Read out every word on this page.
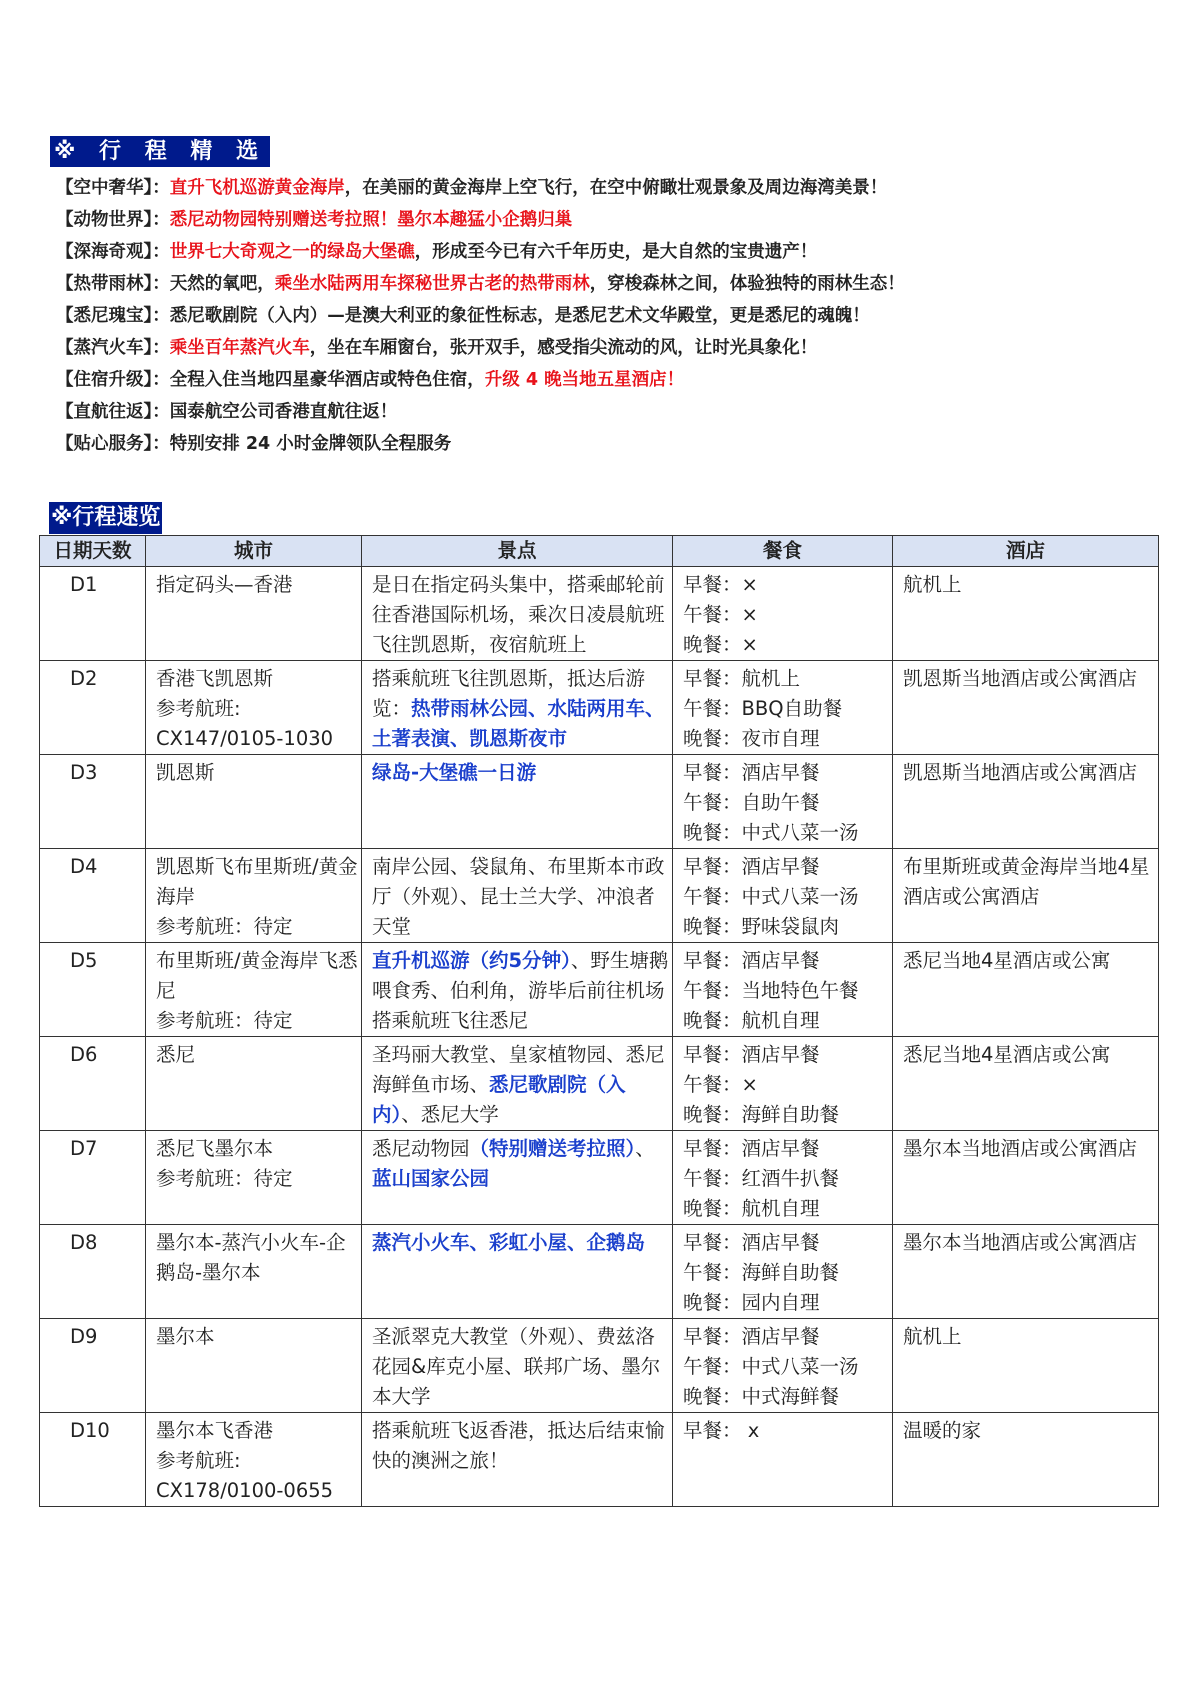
※ 行 程 精 选
【空中奢华】：直升飞机巡游黄金海岸，在美丽的黄金海岸上空飞行，在空中俯瞰壮观景象及周边海湾美景！
【动物世界】：悉尼动物园特别赠送考拉照！墨尔本趣猛小企鹅归巢
【深海奇观】：世界七大奇观之一的绿岛大堡礁，形成至今已有六千年历史，是大自然的宝贵遗产！
【热带雨林】：天然的氧吧，乘坐水陆两用车探秘世界古老的热带雨林，穿梭森林之间，体验独特的雨林生态！
【悉尼瑰宝】：悉尼歌剧院（入内）—是澳大利亚的象征性标志，是悉尼艺术文华殿堂，更是悉尼的魂魄！
【蒸汽火车】：乘坐百年蒸汽火车，坐在车厢窗台，张开双手，感受指尖流动的风，让时光具象化！
【住宿升级】：全程入住当地四星豪华酒店或特色住宿，升级 4 晚当地五星酒店！
【直航往返】：国泰航空公司香港直航往返！
【贴心服务】：特别安排 24 小时金牌领队全程服务
※行程速览
日期天数	城市	景点	餐食	酒店
D1	指定码头—香港	是日在指定码头集中，搭乘邮轮前往香港国际机场，乘次日凌晨航班飞往凯恩斯，夜宿航班上	早餐：×
午餐：×
晚餐：×	航机上
D2	香港飞凯恩斯
参考航班:
CX147/0105-1030	搭乘航班飞往凯恩斯，抵达后游览：热带雨林公园、水陆两用车、土著表演、凯恩斯夜市	早餐：航机上
午餐：BBQ自助餐
晚餐：夜市自理	凯恩斯当地酒店或公寓酒店
D3	凯恩斯	绿岛-大堡礁一日游	早餐：酒店早餐
午餐：自助午餐
晚餐：中式八菜一汤	凯恩斯当地酒店或公寓酒店
D4	凯恩斯飞布里斯班/黄金海岸
参考航班：待定	南岸公园、袋鼠角、布里斯本市政厅（外观）、昆士兰大学、冲浪者天堂	早餐：酒店早餐
午餐：中式八菜一汤
晚餐：野味袋鼠肉	布里斯班或黄金海岸当地4星酒店或公寓酒店
D5	布里斯班/黄金海岸飞悉尼
参考航班：待定	直升机巡游（约5分钟）、野生塘鹅喂食秀、伯利角，游毕后前往机场搭乘航班飞往悉尼	早餐：酒店早餐
午餐：当地特色午餐
晚餐：航机自理	悉尼当地4星酒店或公寓
D6	悉尼	圣玛丽大教堂、皇家植物园、悉尼海鲜鱼市场、悉尼歌剧院（入内）、悉尼大学	早餐：酒店早餐
午餐：×
晚餐：海鲜自助餐	悉尼当地4星酒店或公寓
D7	悉尼飞墨尔本
参考航班：待定	悉尼动物园（特别赠送考拉照）、蓝山国家公园	早餐：酒店早餐
午餐：红酒牛扒餐
晚餐：航机自理	墨尔本当地酒店或公寓酒店
D8	墨尔本-蒸汽小火车-企鹅岛-墨尔本	蒸汽小火车、彩虹小屋、企鹅岛	早餐：酒店早餐
午餐：海鲜自助餐
晚餐：园内自理	墨尔本当地酒店或公寓酒店
D9	墨尔本	圣派翠克大教堂（外观）、费兹洛花园&库克小屋、联邦广场、墨尔本大学	早餐：酒店早餐
午餐：中式八菜一汤
晚餐：中式海鲜餐	航机上
D10	墨尔本飞香港
参考航班:
CX178/0100-0655	搭乘航班飞返香港，抵达后结束愉快的澳洲之旅！	早餐： x	温暖的家
